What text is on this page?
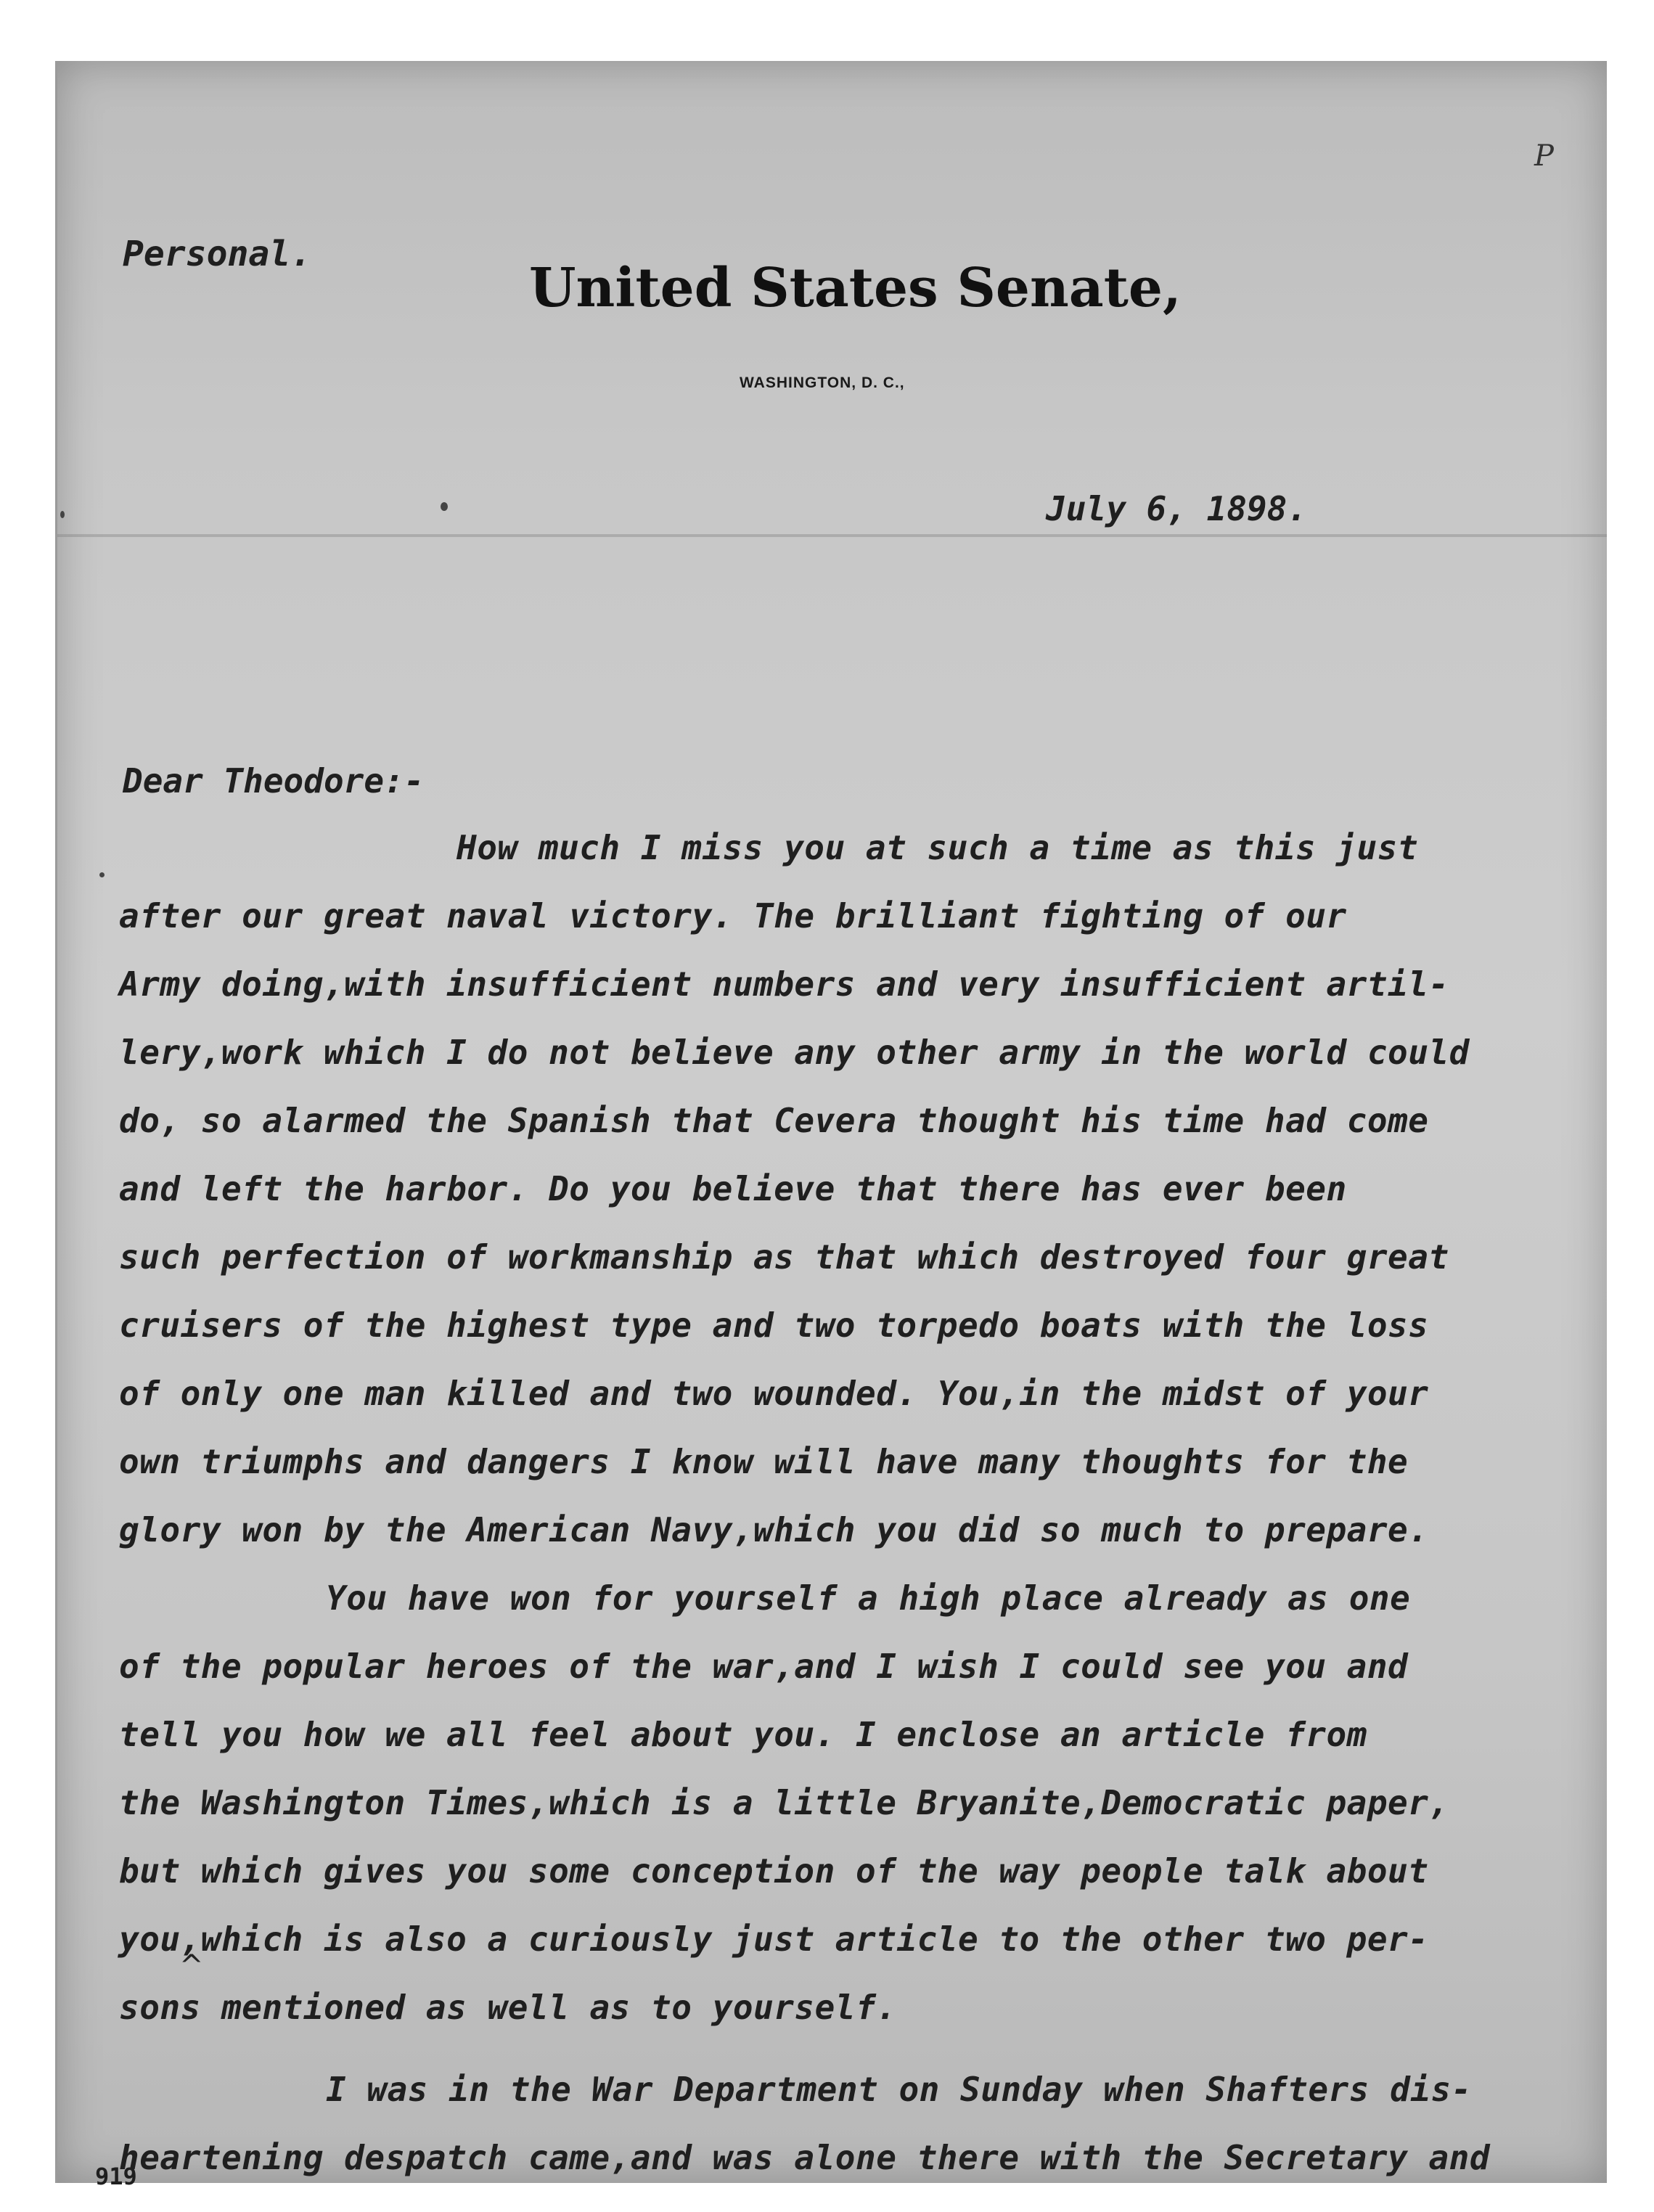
P
Personal.
United States Senate,
WASHINGTON, D. C.,
July 6, 1898.
Dear Theodore:-
How much I miss you at such a time as this just
after our great naval victory. The brilliant fighting of our
Army doing,with insufficient numbers and very insufficient artil-
lery,work which I do not believe any other army in the world could
do, so alarmed the Spanish that Cevera thought his time had come
and left the harbor. Do you believe that there has ever been
such perfection of workmanship as that which destroyed four great
cruisers of the highest type and two torpedo boats with the loss
of only one man killed and two wounded. You,in the midst of your
own triumphs and dangers I know will have many thoughts for the
glory won by the American Navy,which you did so much to prepare.
You have won for yourself a high place already as one
of the popular heroes of the war,and I wish I could see you and
tell you how we all feel about you. I enclose an article from
the Washington Times,which is a little Bryanite,Democratic paper,
but which gives you some conception of the way people talk about
you,which is also a curiously just article to the other two per-
^
sons mentioned as well as to yourself.
I was in the War Department on Sunday when Shafters dis-
heartening despatch came,and was alone there with the Secretary and
919
